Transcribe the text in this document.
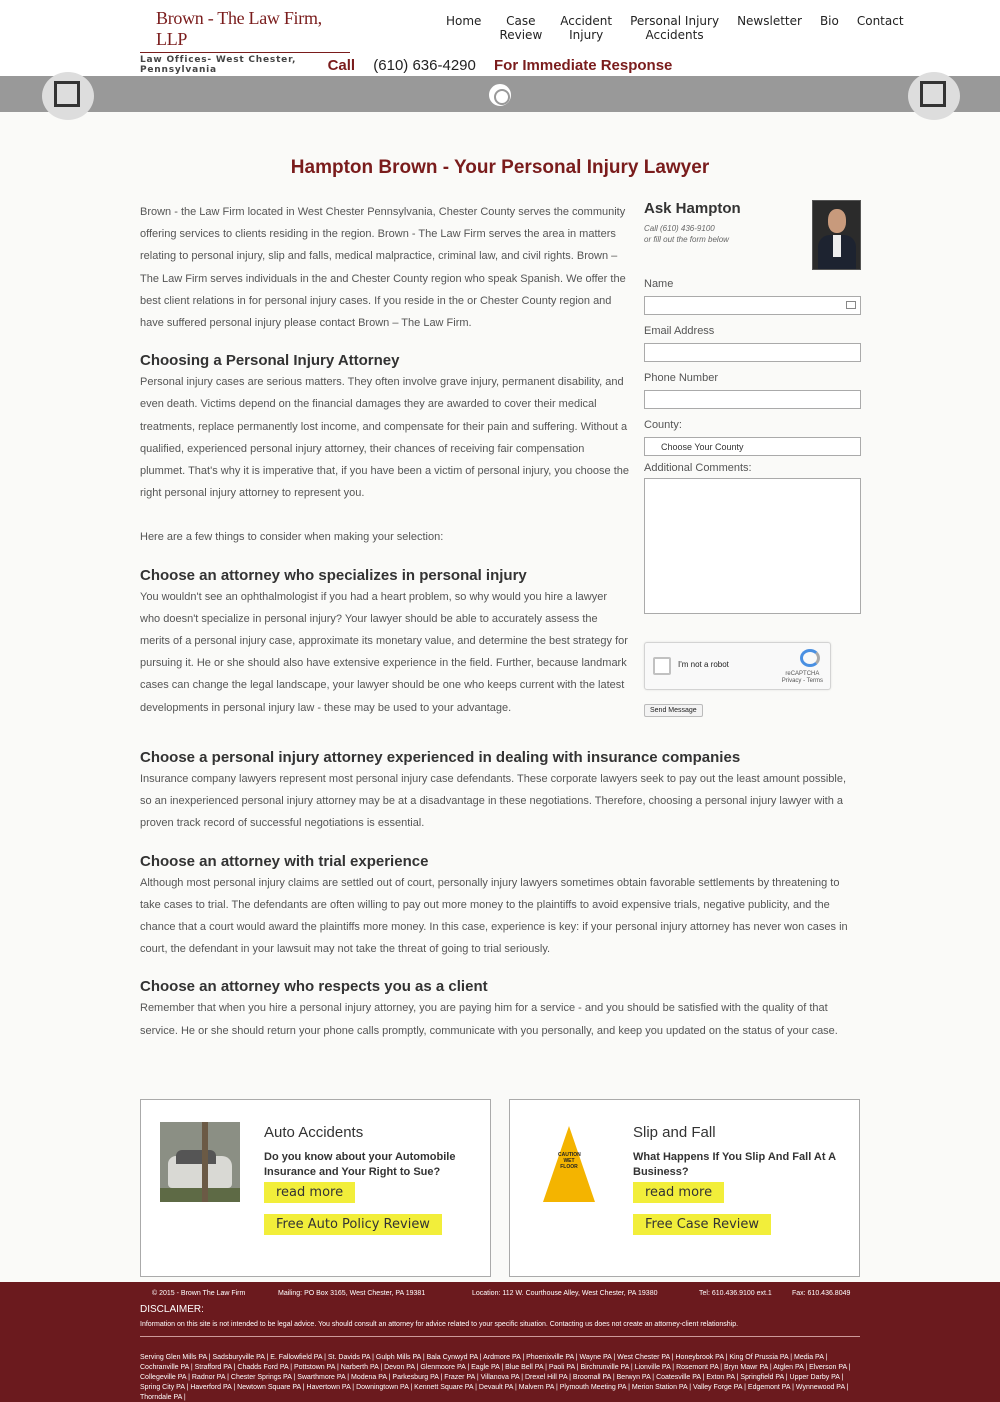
Brown - The Law Firm, LLP
Law Offices- West Chester, Pennsylvania
Home	Case
Review
Accident
Injury
Personal Injury
Accidents
Newsletter Bio Contact
Call (610) 636-4290 For Immediate Response
Hampton Brown - Your Personal Injury Lawyer

Brown - the Law Firm located in West Chester Pennsylvania, Chester County serves the community offering services to clients residing in the region. Brown - The Law Firm serves the area in matters relating to personal injury, slip and falls, medical malpractice, criminal law, and civil rights. Brown – The Law Firm serves individuals in the and Chester County region who speak Spanish. We offer the best client relations in for personal injury cases. If you reside in the or Chester County region and have suffered personal injury please contact Brown – The Law Firm.

Choosing a Personal Injury Attorney

Personal injury cases are serious matters. They often involve grave injury, permanent disability, and even death. Victims depend on the financial damages they are awarded to cover their medical treatments, replace permanently lost income, and compensate for their pain and suffering. Without a qualified, experienced personal injury attorney, their chances of receiving fair compensation plummet. That's why it is imperative that, if you have been a victim of personal injury, you choose the right personal injury attorney to represent you.

Here are a few things to consider when making your selection:

Choose an attorney who specializes in personal injury

You wouldn't see an ophthalmologist if you had a heart problem, so why would you hire a lawyer who doesn't specialize in personal injury? Your lawyer should be able to accurately assess the merits of a personal injury case, approximate its monetary value, and determine the best strategy for pursuing it. He or she should also have extensive experience in the field. Further, because landmark cases can change the legal landscape, your lawyer should be one who keeps current with the latest developments in personal injury law - these may be used to your advantage.

Choose a personal injury attorney experienced in dealing with insurance companies

Insurance company lawyers represent most personal injury case defendants. These corporate lawyers seek to pay out the least amount possible, so an inexperienced personal injury attorney may be at a disadvantage in these negotiations. Therefore, choosing a personal injury lawyer with a proven track record of successful negotiations is essential.

Choose an attorney with trial experience

Although most personal injury claims are settled out of court, personally injury lawyers sometimes obtain favorable settlements by threatening to take cases to trial. The defendants are often willing to pay out more money to the plaintiffs to avoid expensive trials, negative publicity, and the chance that a court would award the plaintiffs more money. In this case, experience is key: if your personal injury attorney has never won cases in court, the defendant in your lawsuit may not take the threat of going to trial seriously.

Choose an attorney who respects you as a client

Remember that when you hire a personal injury attorney, you are paying him for a service - and you should be satisfied with the quality of that service. He or she should return your phone calls promptly, communicate with you personally, and keep you updated on the status of your case.

Ask Hampton
Call (610) 436-9100
or fill out the form below
Name
Email Address
Phone Number
County:
Choose Your County
Additional Comments:
I'm not a robot
reCAPTCHA
Privacy - Terms
Send Message
Auto Accidents
Do you know about your Automobile Insurance and Your Right to Sue?
read more
Free Auto Policy Review
CAUTION WET FLOOR
Slip and Fall
What Happens If You Slip And Fall At A Business?
read more
Free Case Review
© 2015 - Brown The Law Firm	Mailing: PO Box 3165, West Chester, PA 19381	Location: 112 W. Courthouse Alley, West Chester, PA 19380	Tel: 610.436.9100 ext.1	Fax: 610.436.8049
DISCLAIMER:
Information on this site is not intended to be legal advice. You should consult an attorney for advice related to your specific situation. Contacting us does not create an attorney-client relationship.
Serving Glen Mills PA | Sadsburyville PA | E. Fallowfield PA | St. Davids PA | Gulph Mills PA | Bala Cynwyd PA | Ardmore PA | Phoenixville PA | Wayne PA | West Chester PA | Honeybrook PA | King Of Prussia PA | Media PA | Cochranville PA | Strafford PA | Chadds Ford PA | Pottstown PA | Narberth PA | Devon PA | Glenmoore PA | Eagle PA | Blue Bell PA | Paoli PA | Birchrunville PA | Lionville PA | Rosemont PA | Bryn Mawr PA | Atglen PA | Elverson PA | Collegeville PA | Radnor PA | Chester Springs PA | Swarthmore PA | Modena PA | Parkesburg PA | Frazer PA | Villanova PA | Drexel Hill PA | Broomall PA | Berwyn PA | Coatesville PA | Exton PA | Springfield PA | Upper Darby PA | Spring City PA | Haverford PA | Newtown Square PA | Havertown PA | Downingtown PA | Kennett Square PA | Devault PA | Malvern PA | Plymouth Meeting PA | Merion Station PA | Valley Forge PA | Edgemont PA | Wynnewood PA | Thorndale PA |
